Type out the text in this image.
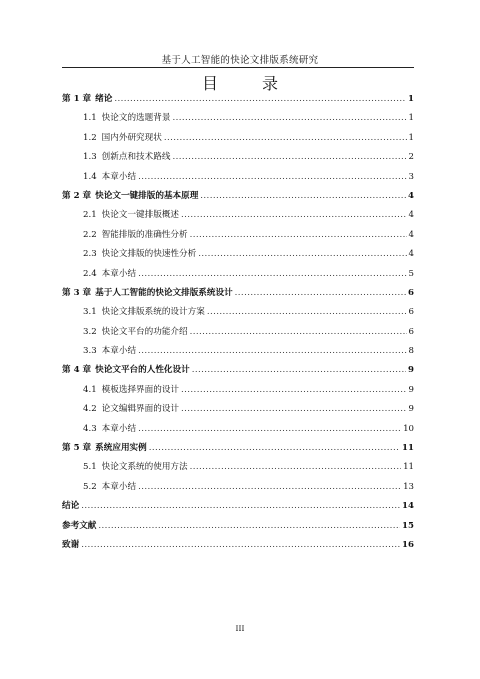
基于人工智能的快论文排版系统研究
目　录
第 1 章 绪论 .....	1
1.1 快论文的选题背景 .....	1
1.2 国内外研究现状 .....	1
1.3 创新点和技术路线 .....	2
1.4 本章小结 .....	3
第 2 章 快论文一键排版的基本原理 .....	4
2.1 快论文一键排版概述 .....	4
2.2 智能排版的准确性分析 .....	4
2.3 快论文排版的快速性分析 .....	4
2.4 本章小结 .....	5
第 3 章 基于人工智能的快论文排版系统设计 .....	6
3.1 快论文排版系统的设计方案 .....	6
3.2 快论文平台的功能介绍 .....	6
3.3 本章小结 .....	8
第 4 章 快论文平台的人性化设计 .....	9
4.1 模板选择界面的设计 .....	9
4.2 论文编辑界面的设计 .....	9
4.3 本章小结 .....	10
第 5 章 系统应用实例 .....	11
5.1 快论文系统的使用方法 .....	11
5.2 本章小结 .....	13
结论 .....	14
参考文献 .....	15
致谢 .....	16
III
